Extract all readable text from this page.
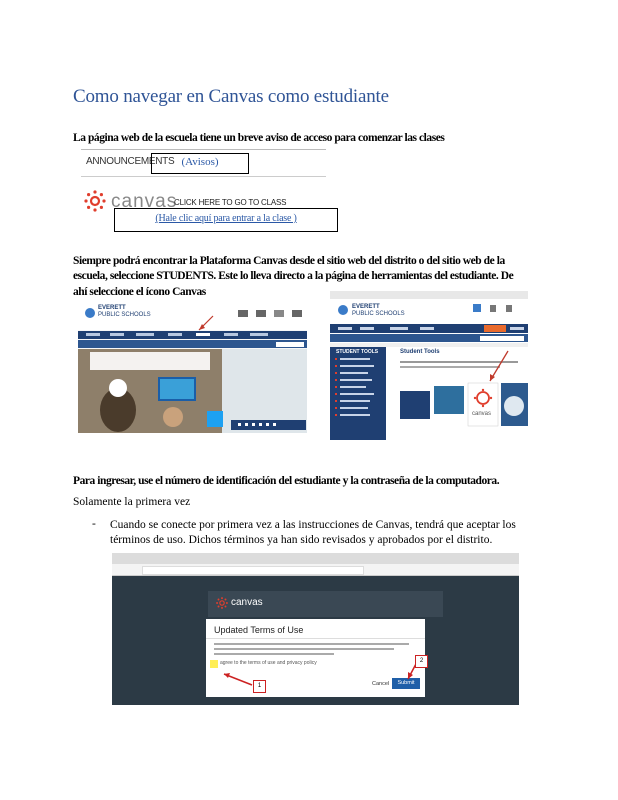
Como navegar en Canvas como estudiante
La página web de la escuela tiene un breve aviso de acceso para comenzar las clases
ANNOUNCEMENTS (Avisos)
canvas
CLICK HERE TO GO TO CLASS
(Hale clic aquí para entrar a la clase )
Siempre podrá encontrar la Plataforma Canvas desde el sitio web del distrito o del sitio web de la
escuela, seleccione STUDENTS. Este lo lleva directo a la página de herramientas del estudiante. De
ahí seleccione el ícono Canvas
EVERETT
PUBLIC SCHOOLS
EVERETT
PUBLIC SCHOOLS
STUDENT TOOLS	Student Tools
canvas
Para ingresar, use el número de identificación del estudiante y la contraseña de la computadora.
Solamente la primera vez
- Cuando se conecte por primera vez a las instrucciones de Canvas, tendrá que aceptar los
términos de uso. Dichos términos ya han sido revisados y aprobados por el distrito.
canvas
Updated Terms of Use
agree to the terms of use and privacy policy
Cancel	Submit
1
2
